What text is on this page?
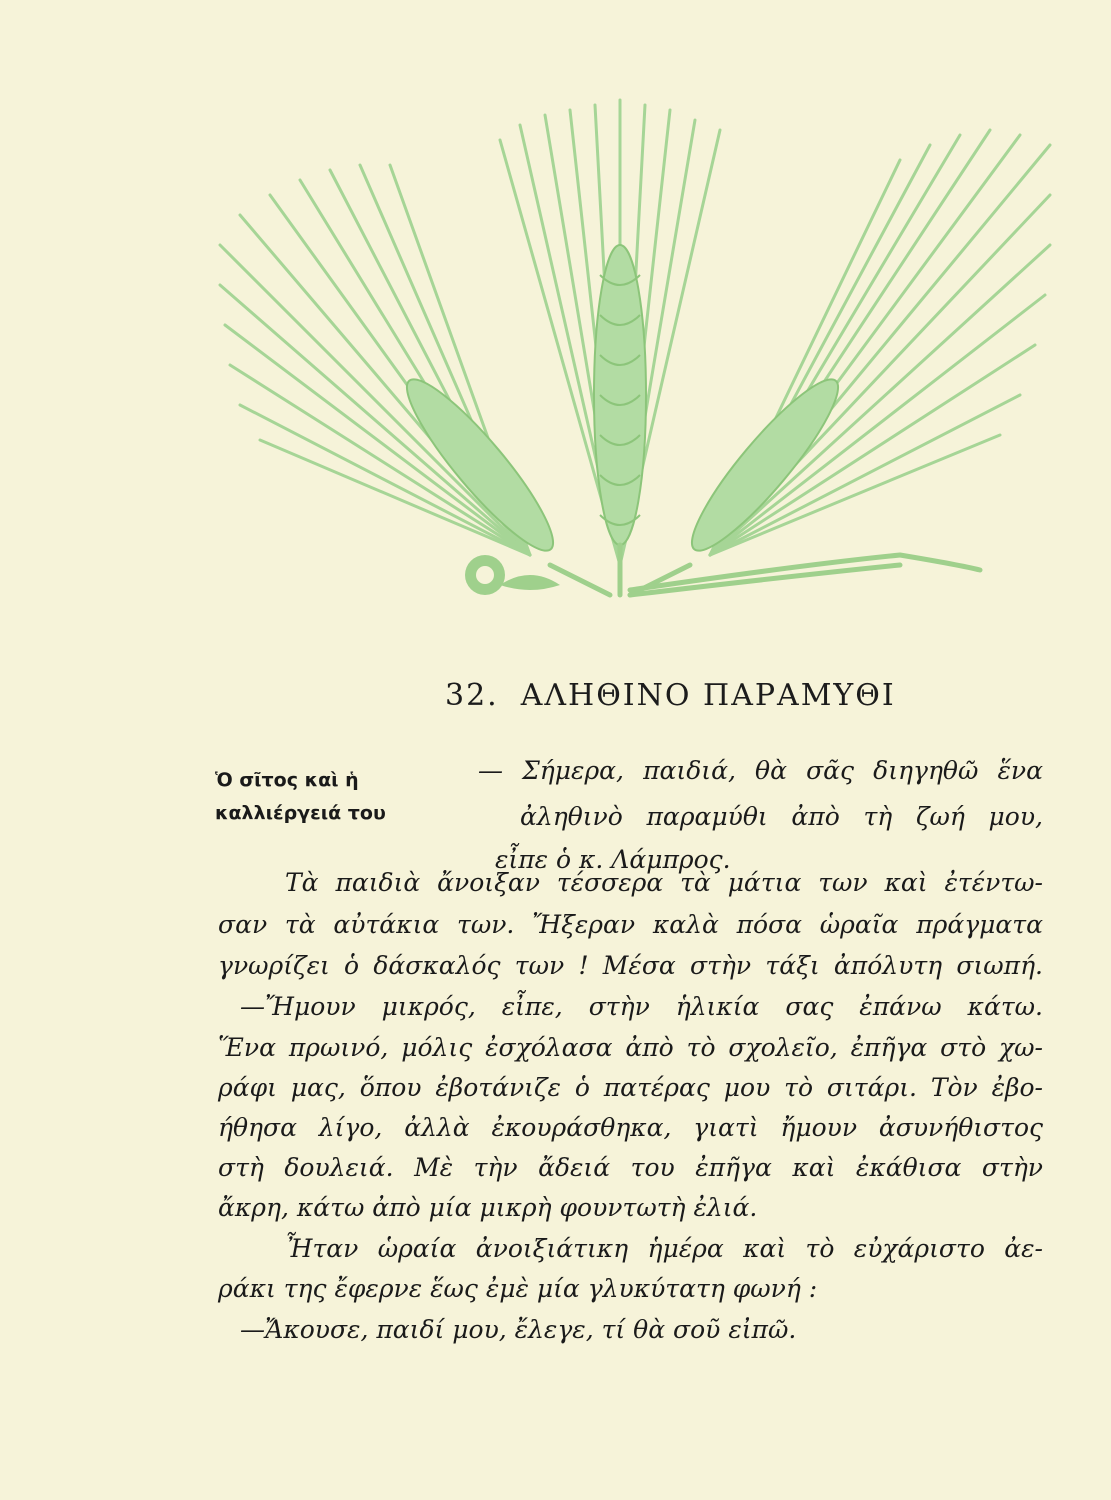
32. ΑΛΗΘΙΝΟ ΠΑΡΑΜΥΘΙ
Ὁ σῖτος καὶ ἡ
καλλιέργειά του
— Σήμερα, παιδιά, θὰ σᾶς διηγηθῶ ἕνα
ἀληθινὸ παραμύθι ἀπὸ τὴ ζωή μου,
εἶπε ὁ κ. Λάμπρος.
Τὰ παιδιὰ ἄνοιξαν τέσσερα τὰ μάτια των καὶ ἐτέντω-
σαν τὰ αὐτάκια των. Ἤξεραν καλὰ πόσα ὡραῖα πράγματα
γνωρίζει ὁ δάσκαλός των ! Μέσα στὴν τάξι ἀπόλυτη σιωπή.
—Ἤμουν μικρός, εἶπε, στὴν ἡλικία σας ἐπάνω κάτω.
Ἕνα πρωινό, μόλις ἐσχόλασα ἀπὸ τὸ σχολεῖο, ἐπῆγα στὸ χω-
ράφι μας, ὅπου ἐβοτάνιζε ὁ πατέρας μου τὸ σιτάρι. Τὸν ἐβο-
ήθησα λίγο, ἀλλὰ ἐκουράσθηκα, γιατὶ ἤμουν ἀσυνήθιστος
στὴ δουλειά. Μὲ τὴν ἄδειά του ἐπῆγα καὶ ἐκάθισα στὴν
ἄκρη, κάτω ἀπὸ μία μικρὴ φουντωτὴ ἐλιά.
Ἦταν ὡραία ἀνοιξιάτικη ἡμέρα καὶ τὸ εὐχάριστο ἀε-
ράκι της ἔφερνε ἕως ἐμὲ μία γλυκύτατη φωνή :
—Ἄκουσε, παιδί μου, ἔλεγε, τί θὰ σοῦ εἰπῶ.
